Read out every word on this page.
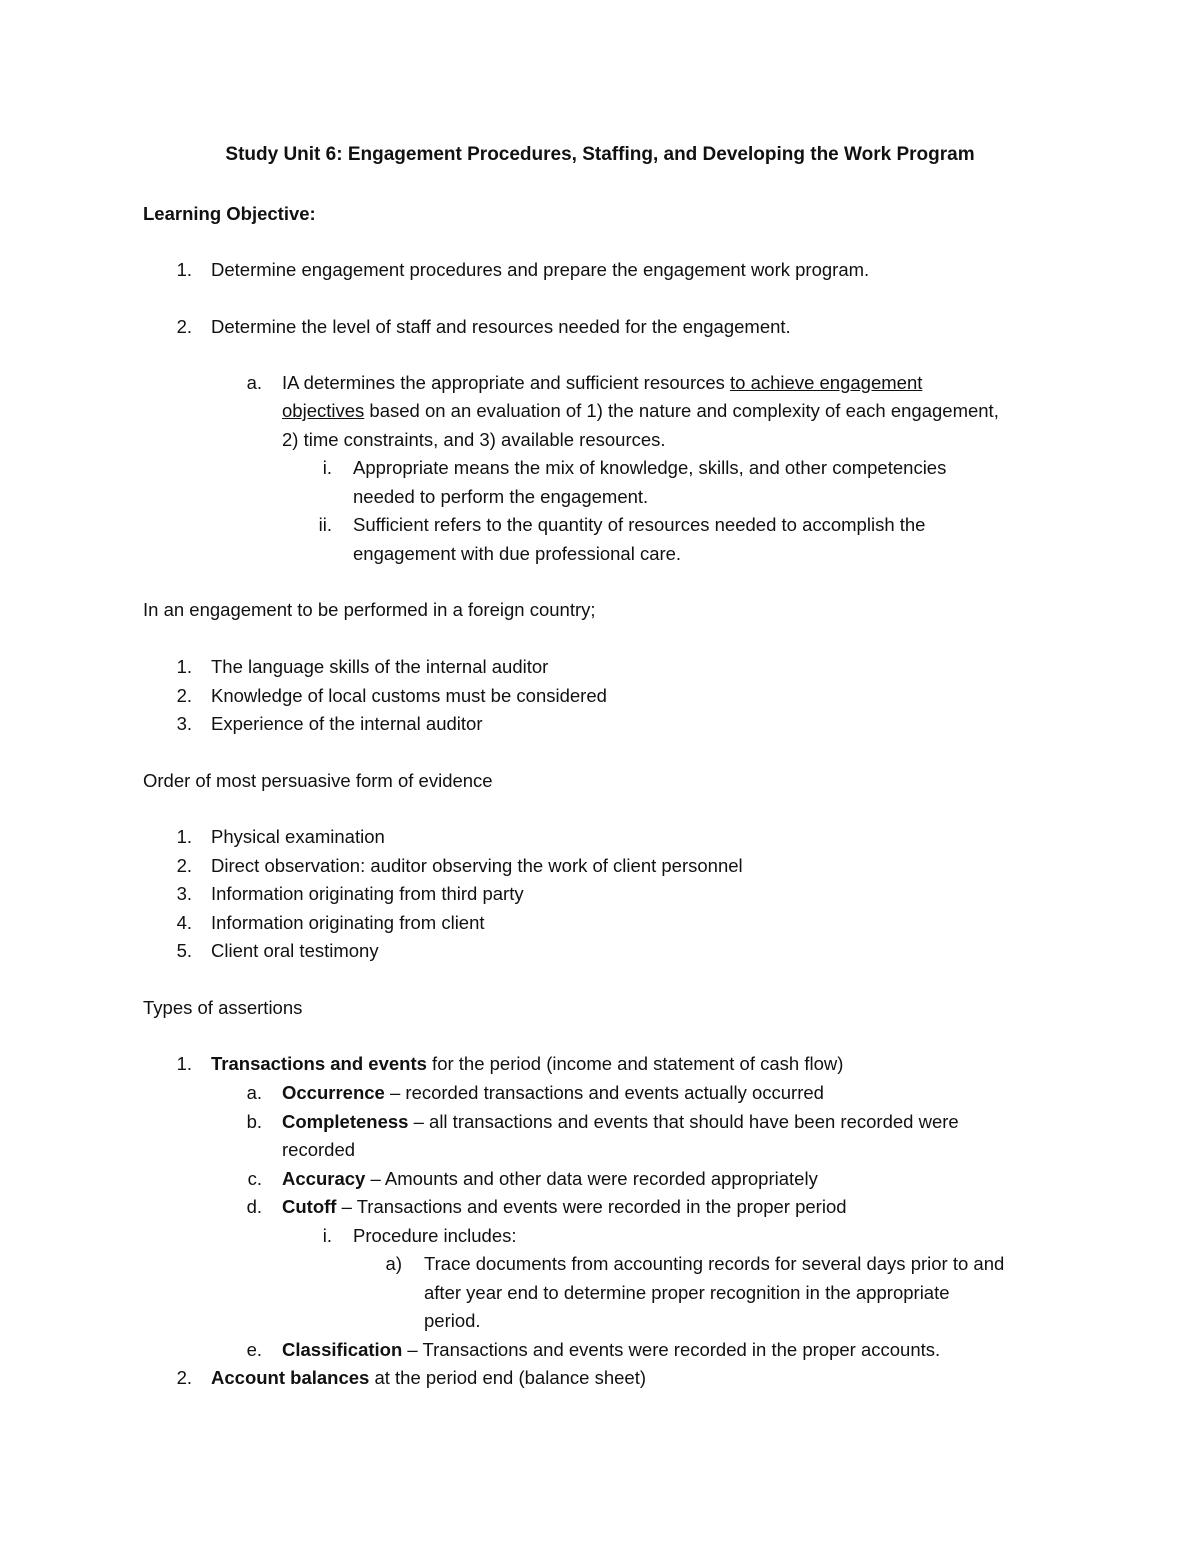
Study Unit 6: Engagement Procedures, Staffing, and Developing the Work Program
Learning Objective:
1. Determine engagement procedures and prepare the engagement work program.
2. Determine the level of staff and resources needed for the engagement.
a. IA determines the appropriate and sufficient resources to achieve engagement
objectives based on an evaluation of 1) the nature and complexity of each engagement,
2) time constraints, and 3) available resources.
i. Appropriate means the mix of knowledge, skills, and other competencies
needed to perform the engagement.
ii. Sufficient refers to the quantity of resources needed to accomplish the
engagement with due professional care.
In an engagement to be performed in a foreign country;
1. The language skills of the internal auditor
2. Knowledge of local customs must be considered
3. Experience of the internal auditor
Order of most persuasive form of evidence
1. Physical examination
2. Direct observation: auditor observing the work of client personnel
3. Information originating from third party
4. Information originating from client
5. Client oral testimony
Types of assertions
1. Transactions and events for the period (income and statement of cash flow)
a. Occurrence – recorded transactions and events actually occurred
b. Completeness – all transactions and events that should have been recorded were
recorded
c. Accuracy – Amounts and other data were recorded appropriately
d. Cutoff – Transactions and events were recorded in the proper period
i. Procedure includes:
a) Trace documents from accounting records for several days prior to and
after year end to determine proper recognition in the appropriate
period.
e. Classification – Transactions and events were recorded in the proper accounts.
2. Account balances at the period end (balance sheet)
